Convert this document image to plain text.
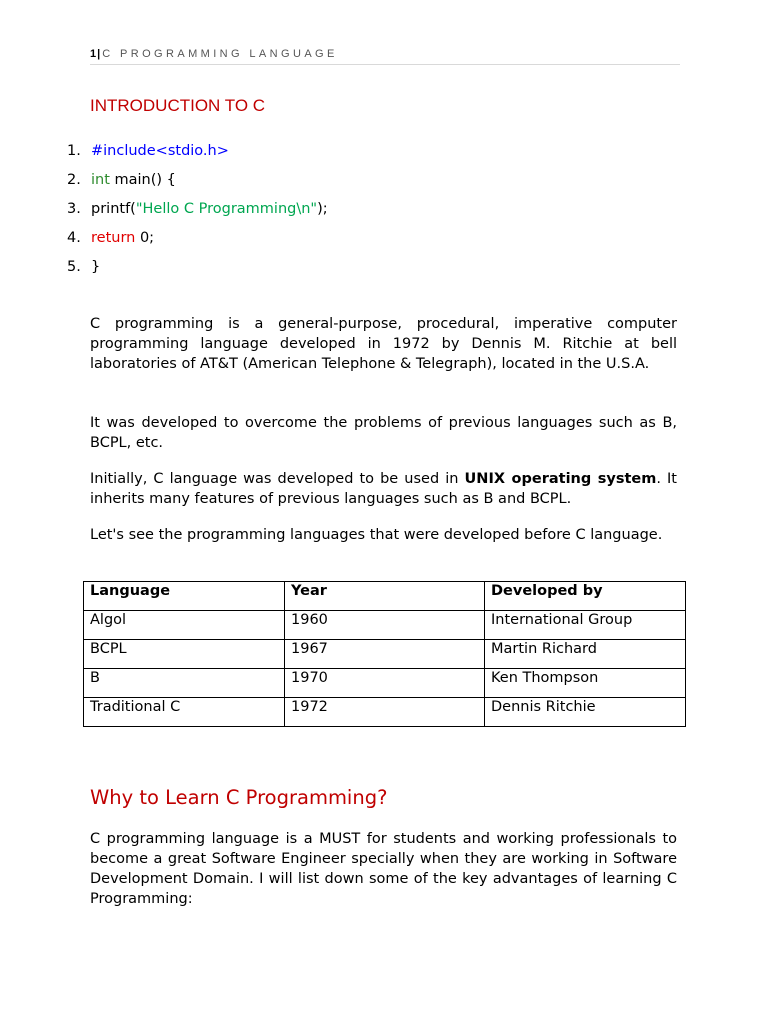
1|C PROGRAMMING LANGUAGE
INTRODUCTION TO C
1. #include<stdio.h>
2. int main() {
3. printf("Hello C Programming\n");
4. return 0;
5. }

C programming is a general-purpose, procedural, imperative computer programming language developed in 1972 by Dennis M. Ritchie at bell laboratories of AT&T (American Telephone & Telegraph), located in the U.S.A.

It was developed to overcome the problems of previous languages such as B, BCPL, etc.

Initially, C language was developed to be used in UNIX operating system. It inherits many features of previous languages such as B and BCPL.

Let's see the programming languages that were developed before C language.

Language	Year	Developed by
Algol	1960	International Group
BCPL	1967	Martin Richard
B	1970	Ken Thompson
Traditional C	1972	Dennis Ritchie
Why to Learn C Programming?

C programming language is a MUST for students and working professionals to become a great Software Engineer specially when they are working in Software Development Domain. I will list down some of the key advantages of learning C Programming:
